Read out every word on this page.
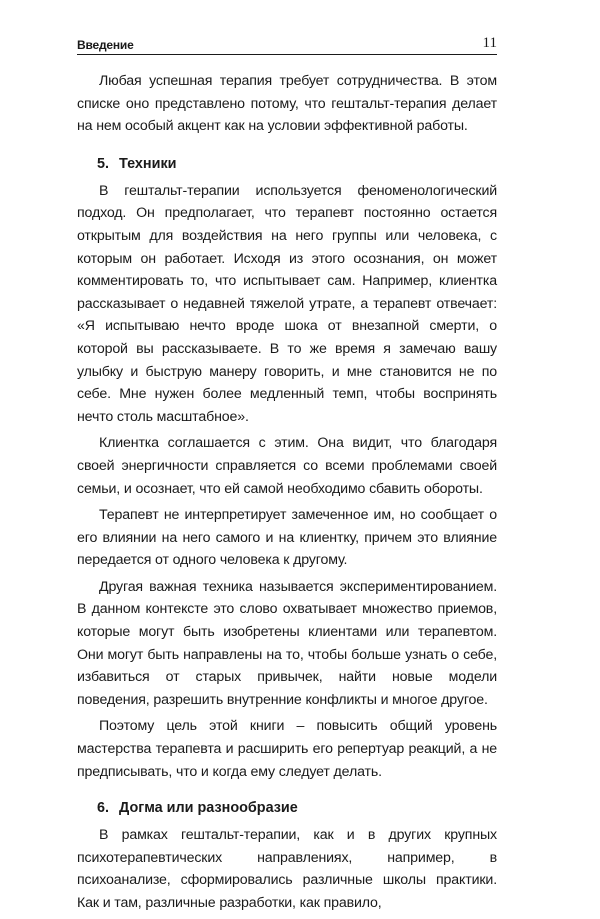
Введение	11

Любая успешная терапия требует сотрудничества. В этом списке оно представлено потому, что гештальт-терапия делает на нем особый акцент как на условии эффективной работы.

5. Техники

В гештальт-терапии используется феноменологический подход. Он предполагает, что терапевт постоянно остается открытым для воздействия на него группы или человека, с которым он работает. Исходя из этого осознания, он может комментировать то, что испытывает сам. Например, клиентка рассказывает о недавней тяжелой утрате, а терапевт отвечает: «Я испытываю нечто вроде шока от внезапной смерти, о которой вы рассказываете. В то же время я замечаю вашу улыбку и быструю манеру говорить, и мне становится не по себе. Мне нужен более медленный темп, чтобы воспринять нечто столь масштабное».

Клиентка соглашается с этим. Она видит, что благодаря своей энергичности справляется со всеми проблемами своей семьи, и осознает, что ей самой необходимо сбавить обороты.

Терапевт не интерпретирует замеченное им, но сообщает о его влиянии на него самого и на клиентку, причем это влияние передается от одного человека к другому.

Другая важная техника называется экспериментированием. В данном контексте это слово охватывает множество приемов, которые могут быть изобретены клиентами или терапевтом. Они могут быть направлены на то, чтобы больше узнать о себе, избавиться от старых привычек, найти новые модели поведения, разрешить внутренние конфликты и многое другое.

Поэтому цель этой книги – повысить общий уровень мастерства терапевта и расширить его репертуар реакций, а не предписывать, что и когда ему следует делать.

6. Догма или разнообразие

В рамках гештальт-терапии, как и в других крупных психотерапевтических направлениях, например, в психоанализе, сформировались различные школы практики. Как и там, различные разработки, как правило,
